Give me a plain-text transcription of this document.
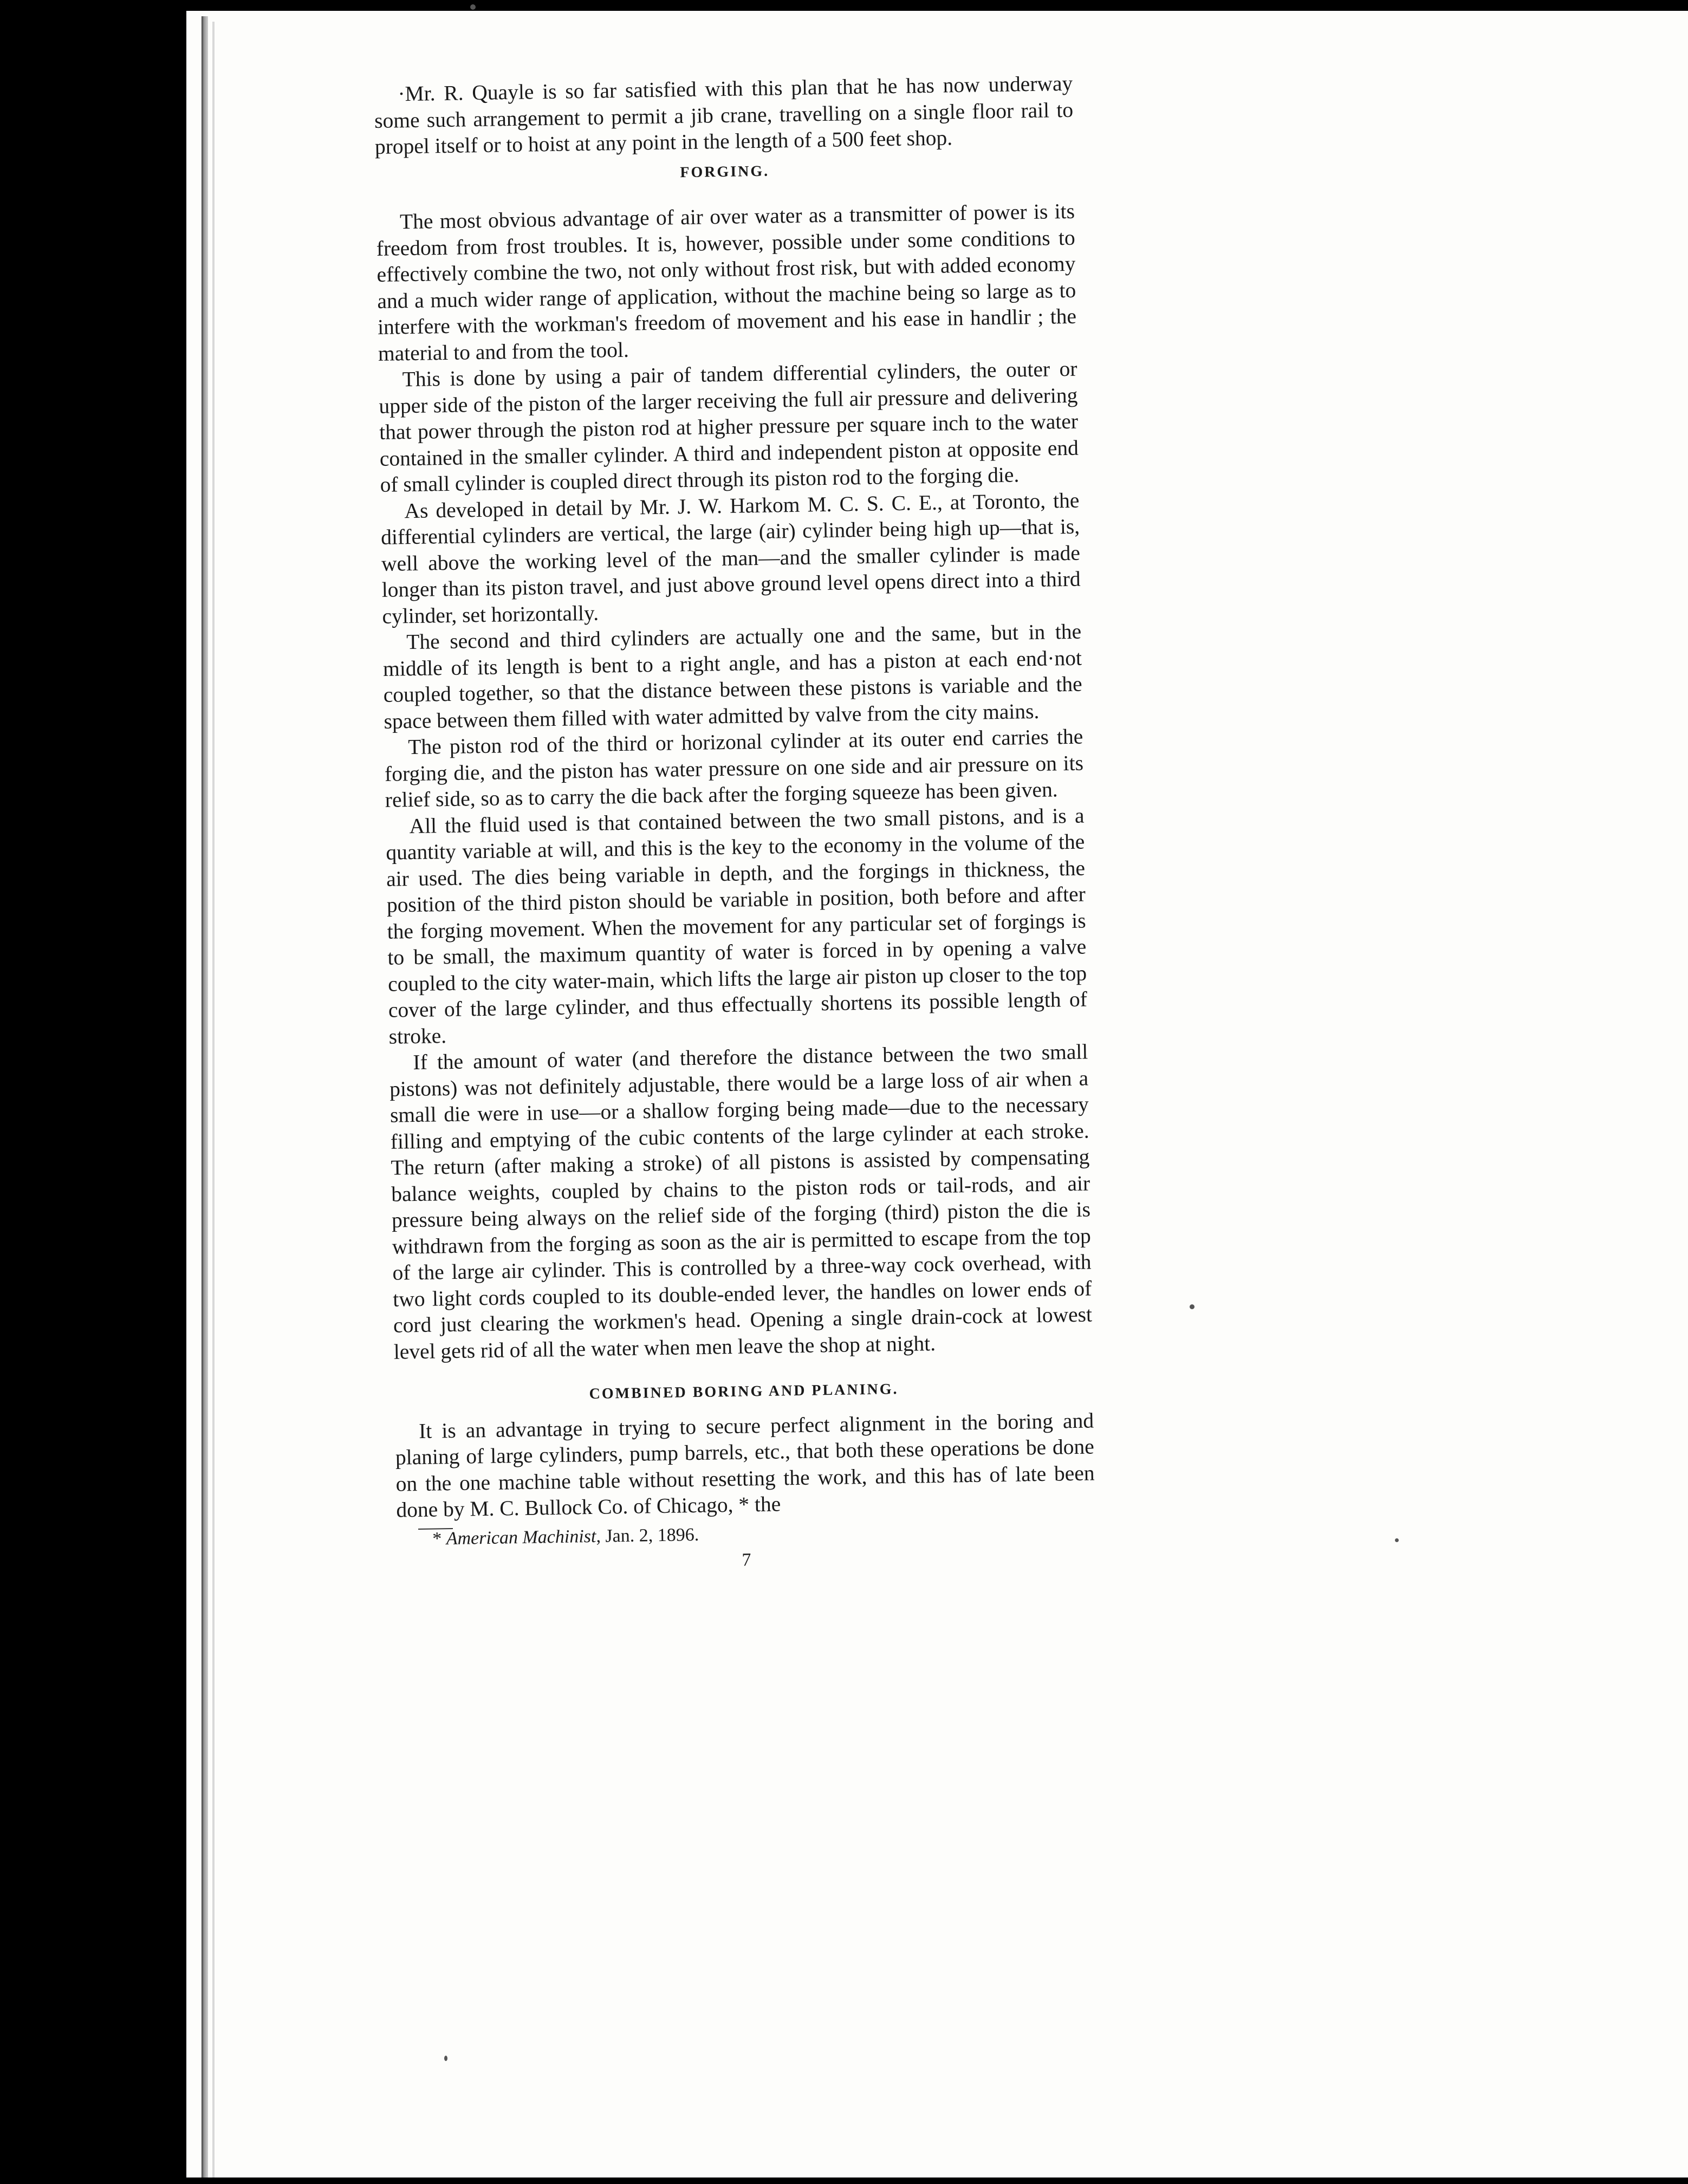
·Mr. R. Quayle is so far satisfied with this plan that he has now underway some such arrangement to permit a jib crane, travelling on a single floor rail to propel itself or to hoist at any point in the length of a 500 feet shop.

FORGING.

The most obvious advantage of air over water as a transmitter of power is its freedom from frost troubles. It is, however, possible under some conditions to effectively combine the two, not only without frost risk, but with added economy and a much wider range of application, without the machine being so large as to interfere with the workman's freedom of movement and his ease in handlir ; the material to and from the tool.

This is done by using a pair of tandem differential cylinders, the outer or upper side of the piston of the larger receiving the full air pressure and delivering that power through the piston rod at higher pressure per square inch to the water contained in the smaller cylinder. A third and independent piston at opposite end of small cylinder is coupled direct through its piston rod to the forging die.

As developed in detail by Mr. J. W. Harkom M. C. S. C. E., at Toronto, the differential cylinders are vertical, the large (air) cylinder being high up—that is, well above the working level of the man—and the smaller cylinder is made longer than its piston travel, and just above ground level opens direct into a third cylinder, set horizontally.

The second and third cylinders are actually one and the same, but in the middle of its length is bent to a right angle, and has a piston at each end·not coupled together, so that the distance between these pistons is variable and the space between them filled with water admitted by valve from the city mains.

The piston rod of the third or horizonal cylinder at its outer end carries the forging die, and the piston has water pressure on one side and air pressure on its relief side, so as to carry the die back after the forging squeeze has been given.

All the fluid used is that contained between the two small pistons, and is a quantity variable at will, and this is the key to the economy in the volume of the air used. The dies being variable in depth, and the forgings in thickness, the position of the third piston should be variable in position, both before and after the forging movement. When the movement for any particular set of forgings is to be small, the maximum quantity of water is forced in by opening a valve coupled to the city water-main, which lifts the large air piston up closer to the top cover of the large cylinder, and thus effectually shortens its possible length of stroke.

If the amount of water (and therefore the distance between the two small pistons) was not definitely adjustable, there would be a large loss of air when a small die were in use—or a shallow forging being made—due to the necessary filling and emptying of the cubic contents of the large cylinder at each stroke. The return (after making a stroke) of all pistons is assisted by compensating balance weights, coupled by chains to the piston rods or tail-rods, and air pressure being always on the relief side of the forging (third) piston the die is withdrawn from the forging as soon as the air is permitted to escape from the top of the large air cylinder. This is controlled by a three-way cock overhead, with two light cords coupled to its double-ended lever, the handles on lower ends of cord just clearing the workmen's head. Opening a single drain-cock at lowest level gets rid of all the water when men leave the shop at night.

COMBINED BORING AND PLANING.

It is an advantage in trying to secure perfect alignment in the boring and planing of large cylinders, pump barrels, etc., that both these operations be done on the one machine table without resetting the work, and this has of late been done by M. C. Bullock Co. of Chicago, * the

* American Machinist, Jan. 2, 1896.
7
